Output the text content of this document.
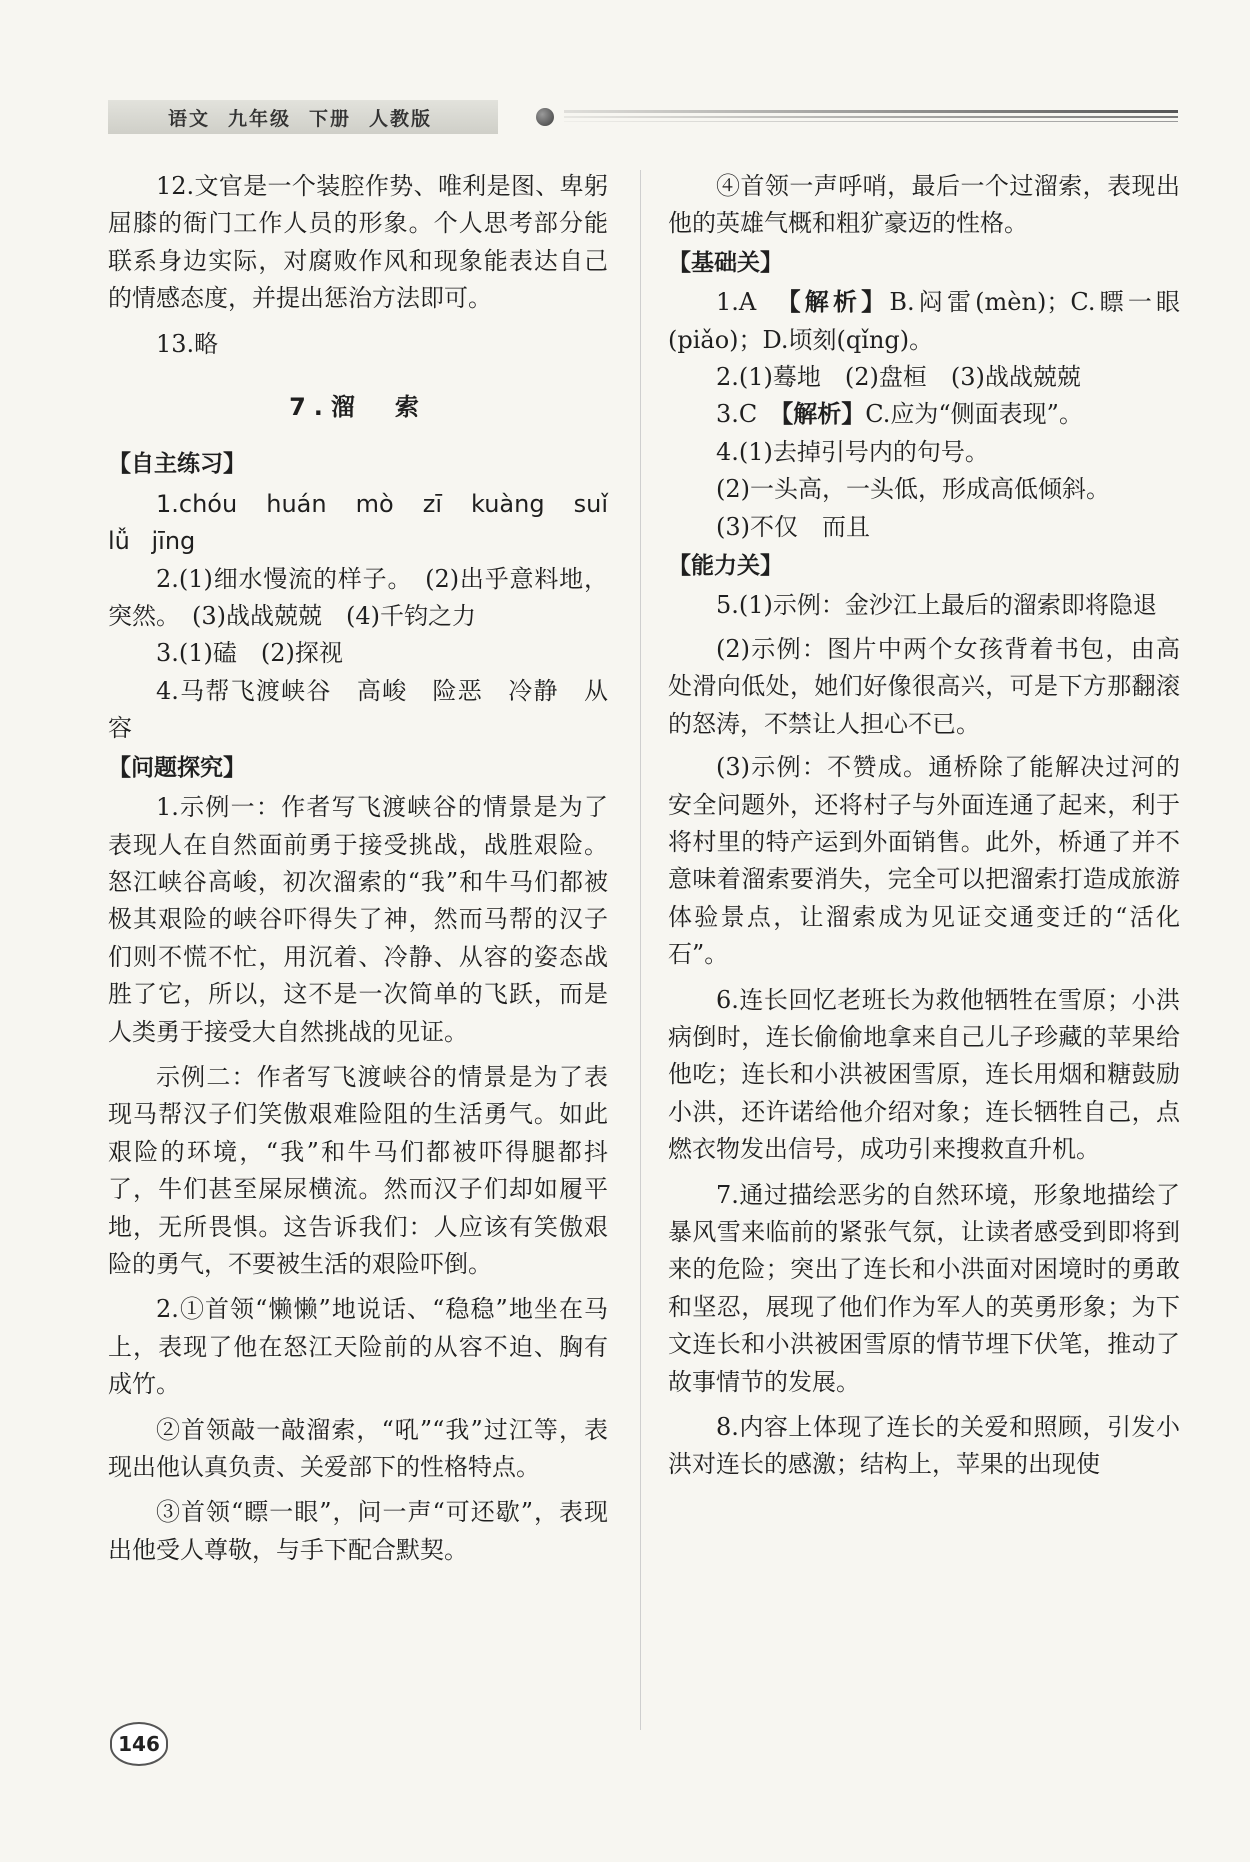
语文 九年级 下册 人教版

12.文官是一个装腔作势、唯利是图、卑躬屈膝的衙门工作人员的形象。个人思考部分能联系身边实际，对腐败作风和现象能表达自己的情感态度，并提出惩治方法即可。

13.略

7.溜　索

【自主练习】

1.chóu huán mò zī kuàng suǐ lǚ jīng

2.(1)细水慢流的样子。　(2)出乎意料地，突然。　(3)战战兢兢　(4)千钧之力

3.(1)磕　(2)探视

4.马帮飞渡峡谷　高峻　险恶　冷静　从容

【问题探究】

1.示例一：作者写飞渡峡谷的情景是为了表现人在自然面前勇于接受挑战，战胜艰险。怒江峡谷高峻，初次溜索的“我”和牛马们都被极其艰险的峡谷吓得失了神，然而马帮的汉子们则不慌不忙，用沉着、冷静、从容的姿态战胜了它，所以，这不是一次简单的飞跃，而是人类勇于接受大自然挑战的见证。

示例二：作者写飞渡峡谷的情景是为了表现马帮汉子们笑傲艰难险阻的生活勇气。如此艰险的环境，“我”和牛马们都被吓得腿都抖了，牛们甚至屎尿横流。然而汉子们却如履平地，无所畏惧。这告诉我们：人应该有笑傲艰险的勇气，不要被生活的艰险吓倒。

2.①首领“懒懒”地说话、“稳稳”地坐在马上，表现了他在怒江天险前的从容不迫、胸有成竹。

②首领敲一敲溜索，“吼”“我”过江等，表现出他认真负责、关爱部下的性格特点。

③首领“瞟一眼”，问一声“可还歇”，表现出他受人尊敬，与手下配合默契。

④首领一声呼哨，最后一个过溜索，表现出他的英雄气概和粗犷豪迈的性格。

【基础关】

1.A　 【解析】B.闷雷(mèn)；C.瞟一眼(piǎo)；D.顷刻(qǐng)。

2.(1)蓦地　(2)盘桓　(3)战战兢兢

3.C　 【解析】C.应为“侧面表现”。

4.(1)去掉引号内的句号。

(2)一头高，一头低，形成高低倾斜。

(3)不仅　而且

【能力关】

5.(1)示例：金沙江上最后的溜索即将隐退

(2)示例：图片中两个女孩背着书包，由高处滑向低处，她们好像很高兴，可是下方那翻滚的怒涛，不禁让人担心不已。

(3)示例：不赞成。通桥除了能解决过河的安全问题外，还将村子与外面连通了起来，利于将村里的特产运到外面销售。此外，桥通了并不意味着溜索要消失，完全可以把溜索打造成旅游体验景点，让溜索成为见证交通变迁的“活化石”。

6.连长回忆老班长为救他牺牲在雪原；小洪病倒时，连长偷偷地拿来自己儿子珍藏的苹果给他吃；连长和小洪被困雪原，连长用烟和糖鼓励小洪，还许诺给他介绍对象；连长牺牲自己，点燃衣物发出信号，成功引来搜救直升机。

7.通过描绘恶劣的自然环境，形象地描绘了暴风雪来临前的紧张气氛，让读者感受到即将到来的危险；突出了连长和小洪面对困境时的勇敢和坚忍，展现了他们作为军人的英勇形象；为下文连长和小洪被困雪原的情节埋下伏笔，推动了故事情节的发展。

8.内容上体现了连长的关爱和照顾，引发小洪对连长的感激；结构上，苹果的出现使

146
